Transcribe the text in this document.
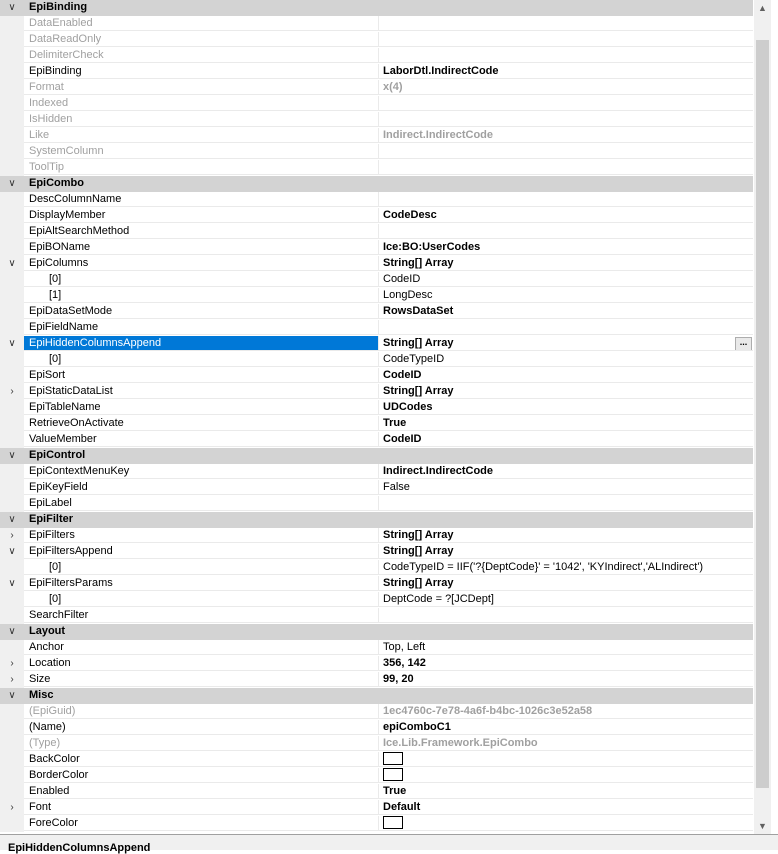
∨	EpiBinding
DataEnabled
DataReadOnly
DelimiterCheck
EpiBinding	LaborDtl.IndirectCode
Format	x(4)
Indexed
IsHidden
Like	Indirect.IndirectCode
SystemColumn
ToolTip
∨	EpiCombo
DescColumnName
DisplayMember	CodeDesc
EpiAltSearchMethod
EpiBOName	Ice:BO:UserCodes
∨	EpiColumns	String[] Array
[0]	CodeID
[1]	LongDesc
EpiDataSetMode	RowsDataSet
EpiFieldName
∨	EpiHiddenColumnsAppend	String[] Array	...
[0]	CodeTypeID
EpiSort	CodeID
›	EpiStaticDataList	String[] Array
EpiTableName	UDCodes
RetrieveOnActivate	True
ValueMember	CodeID
∨	EpiControl
EpiContextMenuKey	Indirect.IndirectCode
EpiKeyField	False
EpiLabel
∨	EpiFilter
›	EpiFilters	String[] Array
∨	EpiFiltersAppend	String[] Array
[0]	CodeTypeID = IIF('?{DeptCode}' = '1042', 'KYIndirect','ALIndirect')
∨	EpiFiltersParams	String[] Array
[0]	DeptCode = ?[JCDept]
SearchFilter
∨	Layout
Anchor	Top, Left
›	Location	356, 142
›	Size	99, 20
∨	Misc
(EpiGuid)	1ec4760c-7e78-4a6f-b4bc-1026c3e52a58
(Name)	epiComboC1
(Type)	Ice.Lib.Framework.EpiCombo
BackColor
BorderColor
Enabled	True
›	Font	Default
ForeColor
▲
▼
EpiHiddenColumnsAppend
